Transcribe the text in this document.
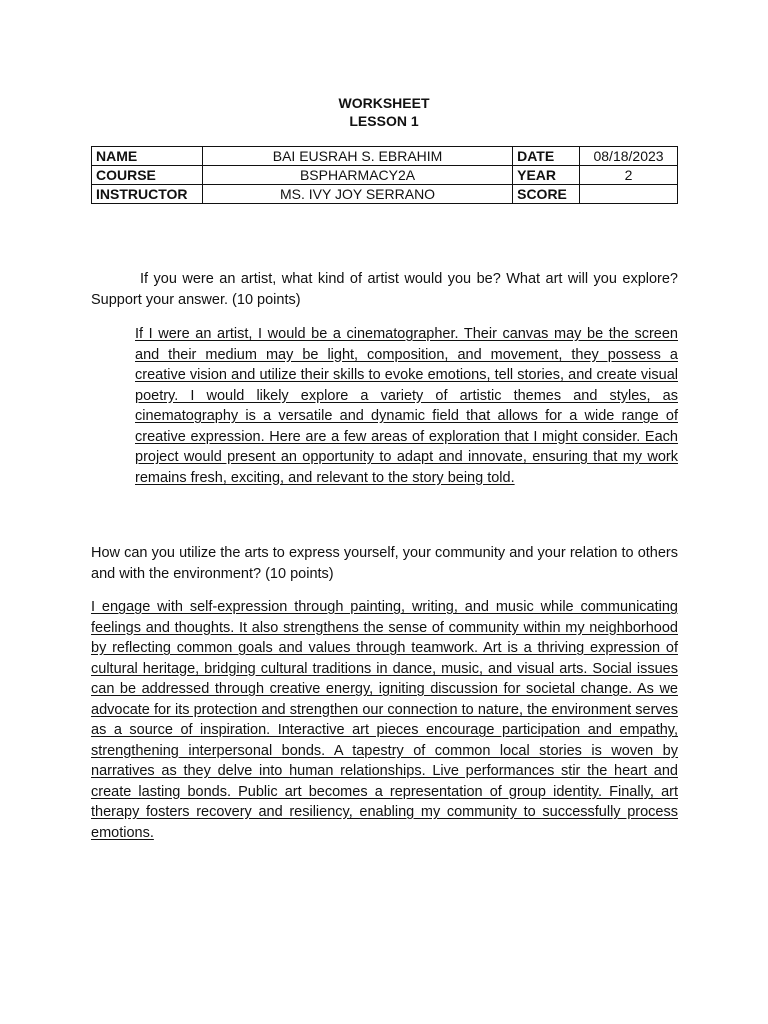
WORKSHEET
LESSON 1
NAME	BAI EUSRAH S. EBRAHIM	DATE	08/18/2023
COURSE	BSPHARMACY2A	YEAR	2
INSTRUCTOR	MS. IVY JOY SERRANO	SCORE	
If you were an artist, what kind of artist would you be? What art will you explore? Support your answer. (10 points)
If I were an artist, I would be a cinematographer. Their canvas may be the screen and their medium may be light, composition, and movement, they possess a creative vision and utilize their skills to evoke emotions, tell stories, and create visual poetry. I would likely explore a variety of artistic themes and styles, as cinematography is a versatile and dynamic field that allows for a wide range of creative expression. Here are a few areas of exploration that I might consider. Each project would present an opportunity to adapt and innovate, ensuring that my work remains fresh, exciting, and relevant to the story being told.
How can you utilize the arts to express yourself, your community and your relation to others and with the environment? (10 points)
I engage with self-expression through painting, writing, and music while communicating feelings and thoughts. It also strengthens the sense of community within my neighborhood by reflecting common goals and values through teamwork. Art is a thriving expression of cultural heritage, bridging cultural traditions in dance, music, and visual arts. Social issues can be addressed through creative energy, igniting discussion for societal change. As we advocate for its protection and strengthen our connection to nature, the environment serves as a source of inspiration. Interactive art pieces encourage participation and empathy, strengthening interpersonal bonds. A tapestry of common local stories is woven by narratives as they delve into human relationships. Live performances stir the heart and create lasting bonds. Public art becomes a representation of group identity. Finally, art therapy fosters recovery and resiliency, enabling my community to successfully process emotions.
